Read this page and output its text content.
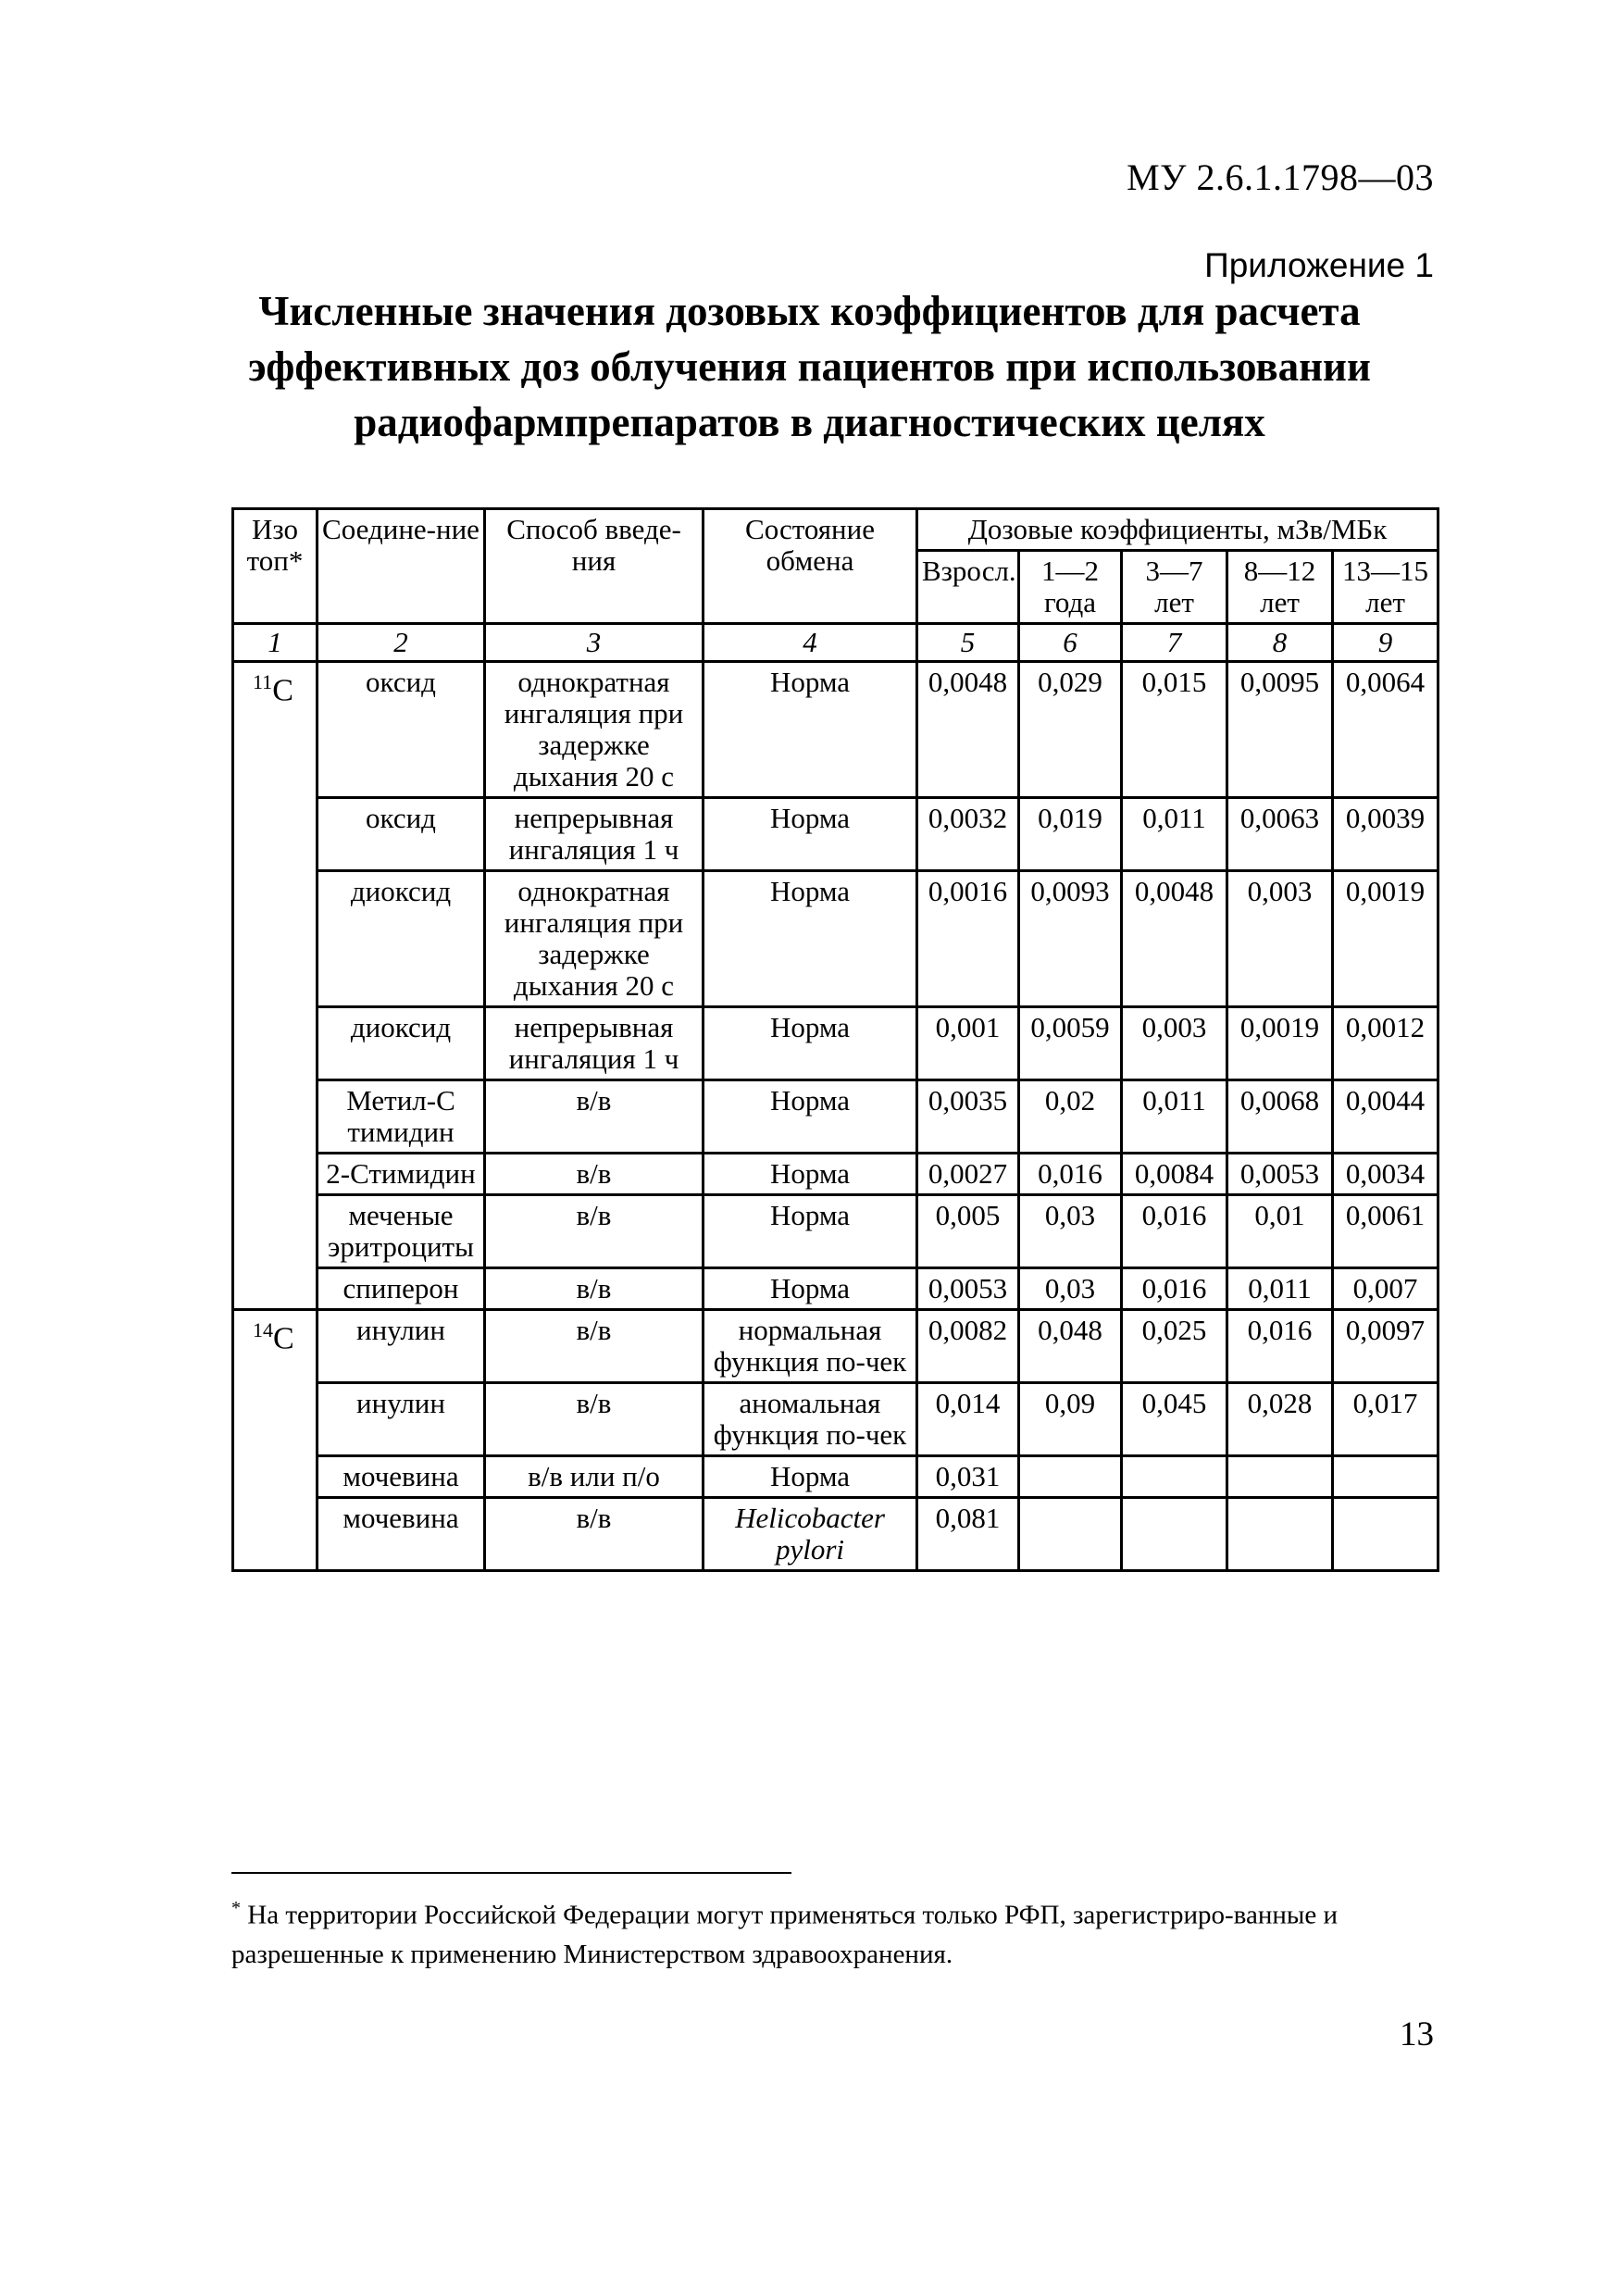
МУ 2.6.1.1798—03
Приложение 1
Численные значения дозовых коэффициентов для расчета
эффективных доз облучения пациентов при использовании
радиофармпрепаратов в диагностических целях
Изо топ*	Соедине-ние	Способ введе-ния	Состояние обмена	Дозовые коэффициенты, мЗв/МБк				
				Взросл.	1—2 года	3—7 лет	8—12 лет	13—15 лет
1	2	3	4	5	6	7	8	9
$^{11}$C	оксид	однократная ингаляция при задержке дыхания 20 с	Норма	0,0048	0,029	0,015	0,0095	0,0064
	оксид	непрерывная ингаляция 1 ч	Норма	0,0032	0,019	0,011	0,0063	0,0039
	диоксид	однократная ингаляция при задержке дыхания 20 с	Норма	0,0016	0,0093	0,0048	0,003	0,0019
	диоксид	непрерывная ингаляция 1 ч	Норма	0,001	0,0059	0,003	0,0019	0,0012
	Метил-С тимидин	в/в	Норма	0,0035	0,02	0,011	0,0068	0,0044
	2-Стимидин	в/в	Норма	0,0027	0,016	0,0084	0,0053	0,0034
	меченые эритроциты	в/в	Норма	0,005	0,03	0,016	0,01	0,0061
	спиперон	в/в	Норма	0,0053	0,03	0,016	0,011	0,007
$^{14}$C	инулин	в/в	нормальная функция по-чек	0,0082	0,048	0,025	0,016	0,0097
	инулин	в/в	аномальная функция по-чек	0,014	0,09	0,045	0,028	0,017
	мочевина	в/в или п/о	Норма	0,031				
	мочевина	в/в	Helicobacter pylori	0,081				
* На территории Российской Федерации могут применяться только РФП, зарегистриро-ванные и разрешенные к применению Министерством здравоохранения.
13
